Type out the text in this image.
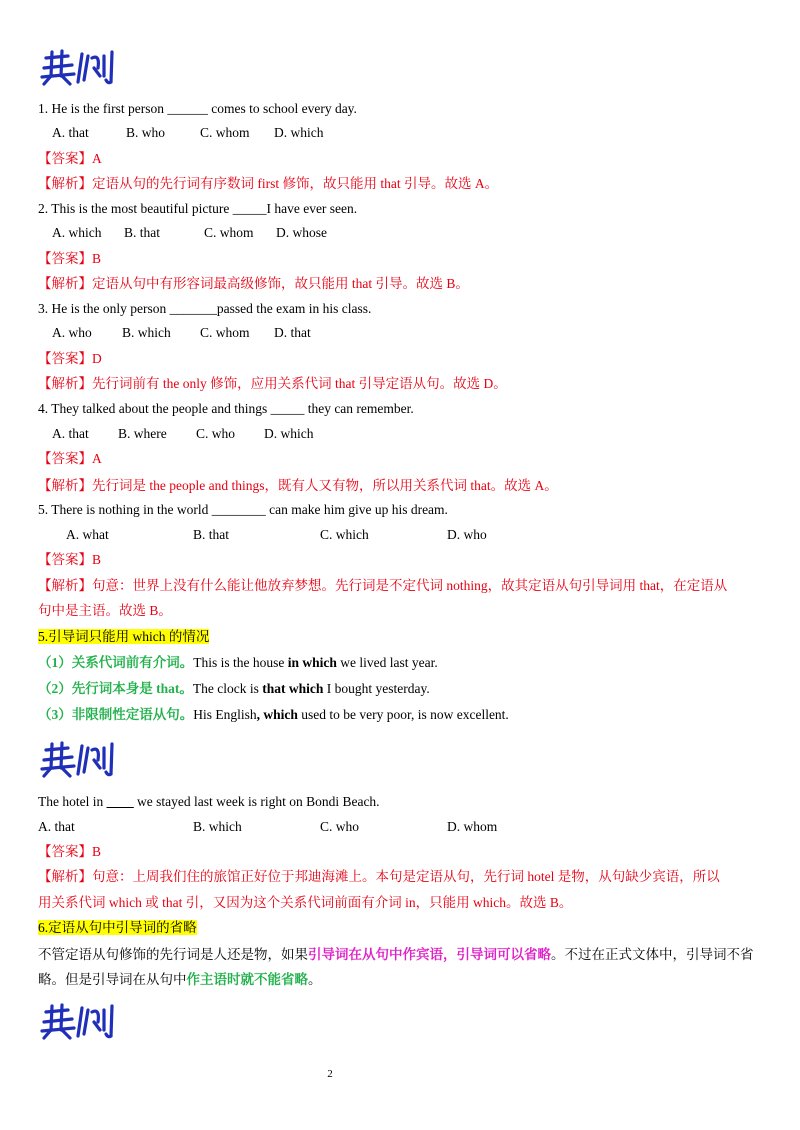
1. He is the first person ______ comes to school every day.
A. that	B. who	C. whom D. which
【答案】A
【解析】定语从句的先行词有序数词 first 修饰，故只能用 that 引导。故选 A。
2. This is the most beautiful picture _____I have ever seen.
A. which B. that	C. whom D. whose
【答案】B
【解析】定语从句中有形容词最高级修饰，故只能用 that 引导。故选 B。
3. He is the only person _______passed the exam in his class.
A. who B. which C. whom D. that
【答案】D
【解析】先行词前有 the only 修饰，应用关系代词 that 引导定语从句。故选 D。
4. They talked about the people and things _____ they can remember.
A. that B. where C. who D. which
【答案】A
【解析】先行词是 the people and things，既有人又有物，所以用关系代词 that。故选 A。
5. There is nothing in the world ________ can make him give up his dream.
A. what	B. that	C. which	D. who
【答案】B
【解析】句意：世界上没有什么能让他放弃梦想。先行词是不定代词 nothing，故其定语从句引导词用 that，在定语从
句中是主语。故选 B。
5.引导词只能用 which 的情况
（1）关系代词前有介词。This is the house in which we lived last year.
（2）先行词本身是 that。The clock is that which I bought yesterday.
（3）非限制性定语从句。His English, which used to be very poor, is now excellent.
The hotel in ____ we stayed last week is right on Bondi Beach.
A. that	B. which	C. who	D. whom
【答案】B
【解析】句意：上周我们住的旅馆正好位于邦迪海滩上。本句是定语从句，先行词 hotel 是物，从句缺少宾语，所以
用关系代词 which 或 that 引，又因为这个关系代词前面有介词 in，只能用 which。故选 B。
6.定语从句中引导词的省略
不管定语从句修饰的先行词是人还是物，如果引导词在从句中作宾语，引导词可以省略。不过在正式文体中，引导词不省略。但是引导词在从句中作主语时就不能省略。
2
